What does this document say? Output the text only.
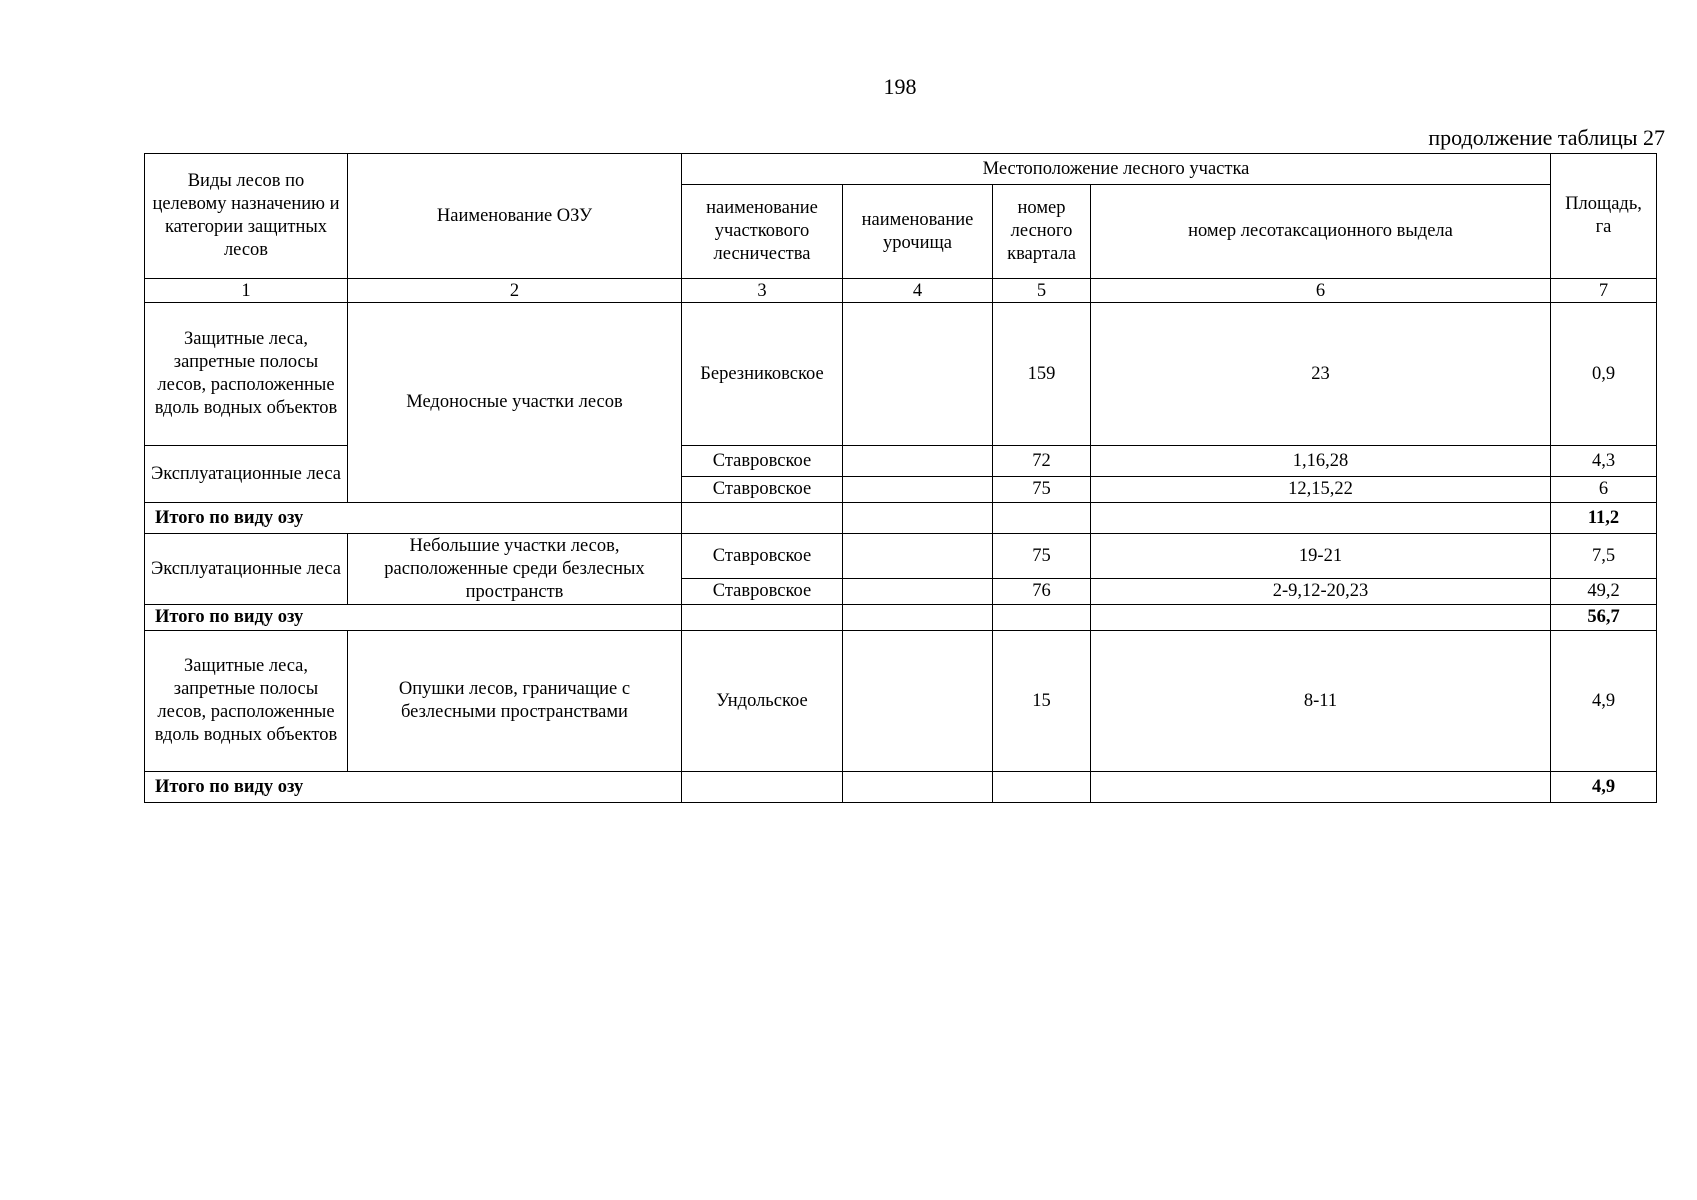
198
продолжение таблицы 27
Виды лесов по целевому назначению и категории защитных лесов	Наименование ОЗУ	Местоположение лесного участка				Площадь, га
		наименование участкового лесничества	наименование урочища	номер лесного квартала	номер лесотаксационного выдела	
1	2	3	4	5	6	7
Защитные леса, запретные полосы лесов, расположенные вдоль водных объектов	Медоносные участки лесов	Березниковское		159	23	0,9
Эксплуатационные леса		Ставровское		72	1,16,28	4,3
		Ставровское		75	12,15,22	6
Итого по виду озу						11,2
Эксплуатационные леса	Небольшие участки лесов, расположенные среди безлесных пространств	Ставровское		75	19-21	7,5
		Ставровское		76	2-9,12-20,23	49,2
Итого по виду озу						56,7
Защитные леса, запретные полосы лесов, расположенные вдоль водных объектов	Опушки лесов, граничащие с безлесными пространствами	Ундольское		15	8-11	4,9
Итого по виду озу						4,9
